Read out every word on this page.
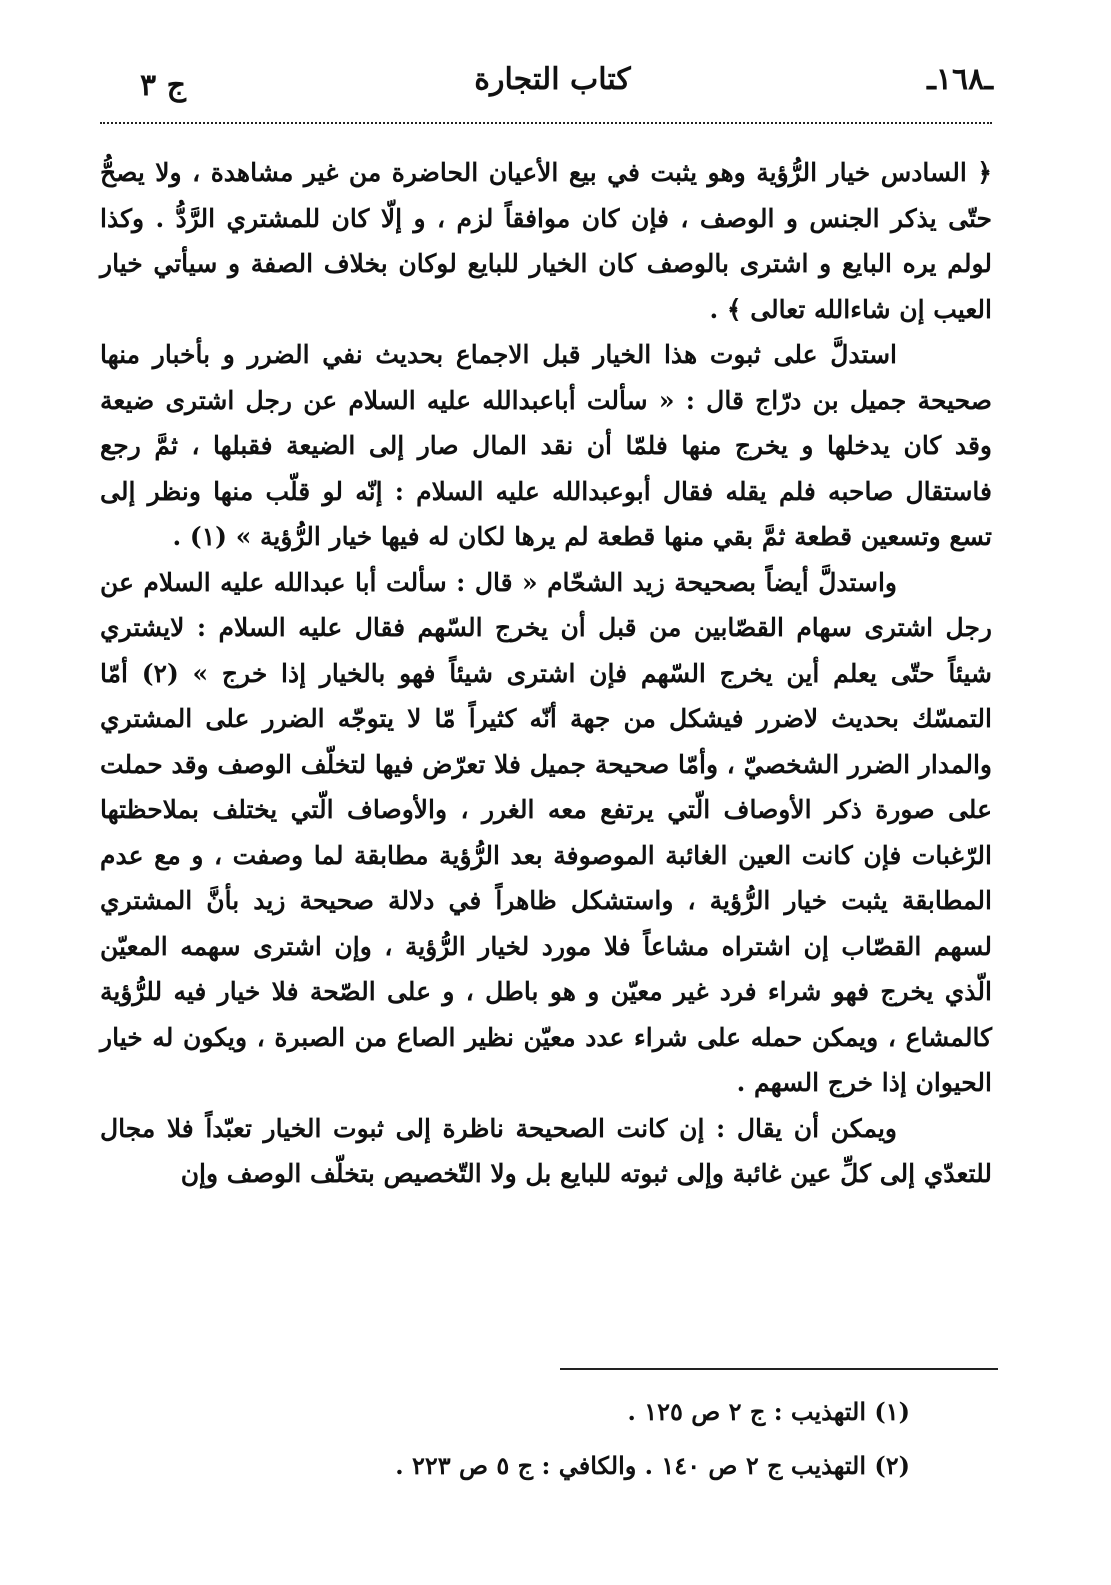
ـ١٦٨ـ
كتاب التجارة
ج ٣

﴿ السادس خيار الرُّؤية وهو يثبت في بيع الأعيان الحاضرة من غير مشاهدة ، ولا يصحُّ حتّى يذكر الجنس و الوصف ، فإن كان موافقاً لزم ، و إلّا كان للمشتري الرَّدُّ . وكذا لولم يره البايع و اشترى بالوصف كان الخيار للبايع لوكان بخلاف الصفة و سيأتي خيار العيب إن شاءالله تعالى ﴾ .

استدلَّ على ثبوت هذا الخيار قبل الاجماع بحديث نفي الضرر و بأخبار منها صحيحة جميل بن درّاج قال : « سألت أباعبدالله عليه السلام عن رجل اشترى ضيعة وقد كان يدخلها و يخرج منها فلمّا أن نقد المال صار إلى الضيعة فقبلها ، ثمَّ رجع فاستقال صاحبه فلم يقله فقال أبوعبدالله عليه السلام : إنّه لو قلّب منها ونظر إلى تسع وتسعين قطعة ثمَّ بقي منها قطعة لم يرها لكان له فيها خيار الرُّؤية » (١) .

واستدلَّ أيضاً بصحيحة زيد الشحّام « قال : سألت أبا عبدالله عليه السلام عن رجل اشترى سهام القصّابين من قبل أن يخرج السّهم فقال عليه السلام : لايشتري شيئاً حتّى يعلم أين يخرج السّهم فإن اشترى شيئاً فهو بالخيار إذا خرج » (٢) أمّا التمسّك بحديث لاضرر فيشكل من جهة أنّه كثيراً مّا لا يتوجّه الضرر على المشتري والمدار الضرر الشخصيّ ، وأمّا صحيحة جميل فلا تعرّض فيها لتخلّف الوصف وقد حملت على صورة ذكر الأوصاف الّتي يرتفع معه الغرر ، والأوصاف الّتي يختلف بملاحظتها الرّغبات فإن كانت العين الغائبة الموصوفة بعد الرُّؤية مطابقة لما وصفت ، و مع عدم المطابقة يثبت خيار الرُّؤية ، واستشكل ظاهراً في دلالة صحيحة زيد بأنَّ المشتري لسهم القصّاب إن اشتراه مشاعاً فلا مورد لخيار الرُّؤية ، وإن اشترى سهمه المعيّن الّذي يخرج فهو شراء فرد غير معيّن و هو باطل ، و على الصّحة فلا خيار فيه للرُّؤية كالمشاع ، ويمكن حمله على شراء عدد معيّن نظير الصاع من الصبرة ، ويكون له خيار الحيوان إذا خرج السهم .

ويمكن أن يقال : إن كانت الصحيحة ناظرة إلى ثبوت الخيار تعبّداً فلا مجال للتعدّي إلى كلِّ عين غائبة وإلى ثبوته للبايع بل ولا التّخصيص بتخلّف الوصف وإن

(١) التهذيب : ج ٢ ص ١٢٥ .

(٢) التهذيب ج ٢ ص ١٤٠ . والكافي : ج ٥ ص ٢٢٣ .
